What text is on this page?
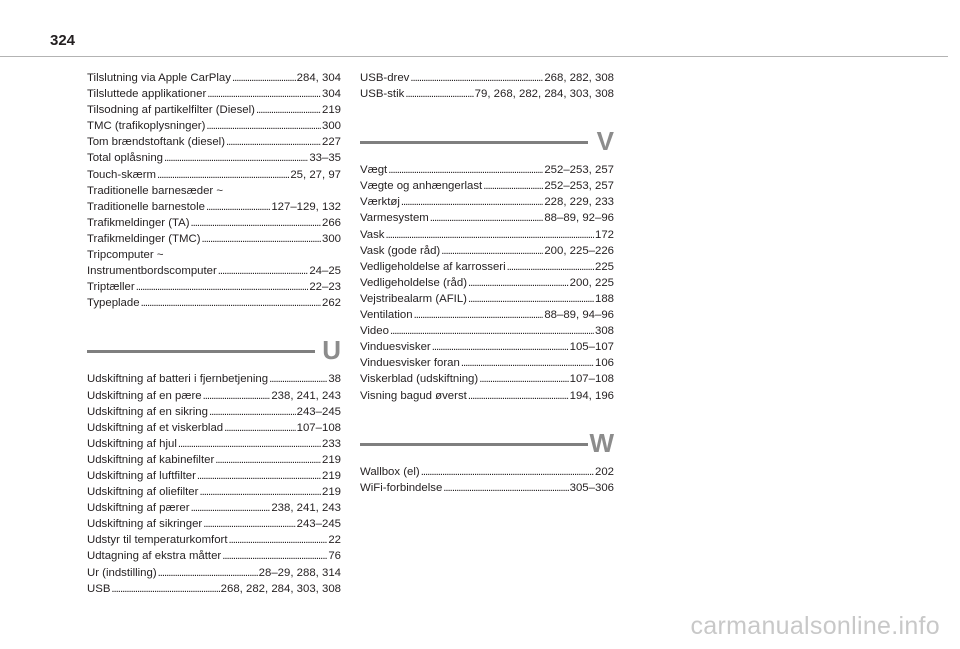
324
Tilslutning via Apple CarPlay . . .	284, 304
Tilsluttede applikationer . . .	304
Tilsodning af partikelfilter (Diesel) . . .	219
TMC (trafikoplysninger) . . .	300
Tom brændstoftank (diesel) . . .	227
Total oplåsning . . .	33–35
Touch-skærm . . .	25, 27, 97
Traditionelle barnesæder ~
Traditionelle barnestole . . .	127–129, 132
Trafikmeldinger (TA) . . .	266
Trafikmeldinger (TMC) . . .	300
Tripcomputer ~
Instrumentbordscomputer . . .	24–25
Triptæller . . .	22–23
Typeplade . . .	262
U
Udskiftning af batteri i fjernbetjening . . .	38
Udskiftning af en pære . . .	238, 241, 243
Udskiftning af en sikring . . .	243–245
Udskiftning af et viskerblad . . .	107–108
Udskiftning af hjul . . .	233
Udskiftning af kabinefilter . . .	219
Udskiftning af luftfilter . . .	219
Udskiftning af oliefilter . . .	219
Udskiftning af pærer . . .	238, 241, 243
Udskiftning af sikringer . . .	243–245
Udstyr til temperaturkomfort . . .	22
Udtagning af ekstra måtter . . .	76
Ur (indstilling) . . .	28–29, 288, 314
USB . . .	268, 282, 284, 303, 308
USB-drev . . .	268, 282, 308
USB-stik . . .	79, 268, 282, 284, 303, 308
V
Vægt . . .	252–253, 257
Vægte og anhængerlast . . .	252–253, 257
Værktøj . . .	228, 229, 233
Varmesystem . . .	88–89, 92–96
Vask . . .	172
Vask (gode råd) . . .	200, 225–226
Vedligeholdelse af karrosseri . . .	225
Vedligeholdelse (råd) . . .	200, 225
Vejstribealarm (AFIL) . . .	188
Ventilation . . .	88–89, 94–96
Video . . .	308
Vinduesvisker . . .	105–107
Vinduesvisker foran . . .	106
Viskerblad (udskiftning) . . .	107–108
Visning bagud øverst . . .	194, 196
W
Wallbox (el) . . .	202
WiFi-forbindelse . . .	305–306
carmanualsonline.info
